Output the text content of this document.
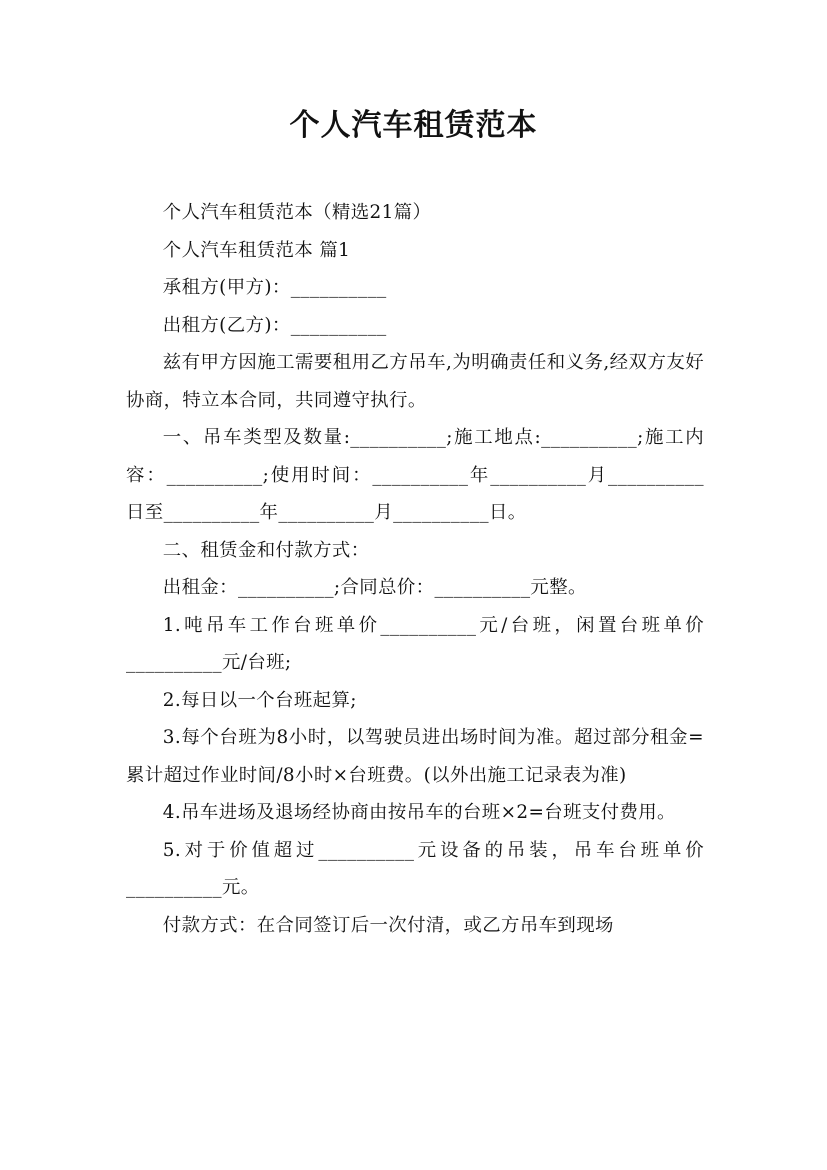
个人汽车租赁范本

个人汽车租赁范本（精选21篇）

个人汽车租赁范本 篇1

承租方(甲方)：__________

出租方(乙方)：__________

兹有甲方因施工需要租用乙方吊车,为明确责任和义务,经双方友好协商，特立本合同，共同遵守执行。

一、吊车类型及数量:__________;施工地点:__________;施工内容：__________;使用时间：__________年__________月__________日至__________年__________月__________日。

二、租赁金和付款方式：

出租金：__________;合同总价：__________元整。

1.吨吊车工作台班单价__________元/台班，闲置台班单价__________元/台班;

2.每日以一个台班起算;

3.每个台班为8小时，以驾驶员进出场时间为准。超过部分租金=累计超过作业时间/8小时×台班费。(以外出施工记录表为准)

4.吊车进场及退场经协商由按吊车的台班×2=台班支付费用。

5.对于价值超过__________元设备的吊装，吊车台班单价__________元。

付款方式：在合同签订后一次付清，或乙方吊车到现场
